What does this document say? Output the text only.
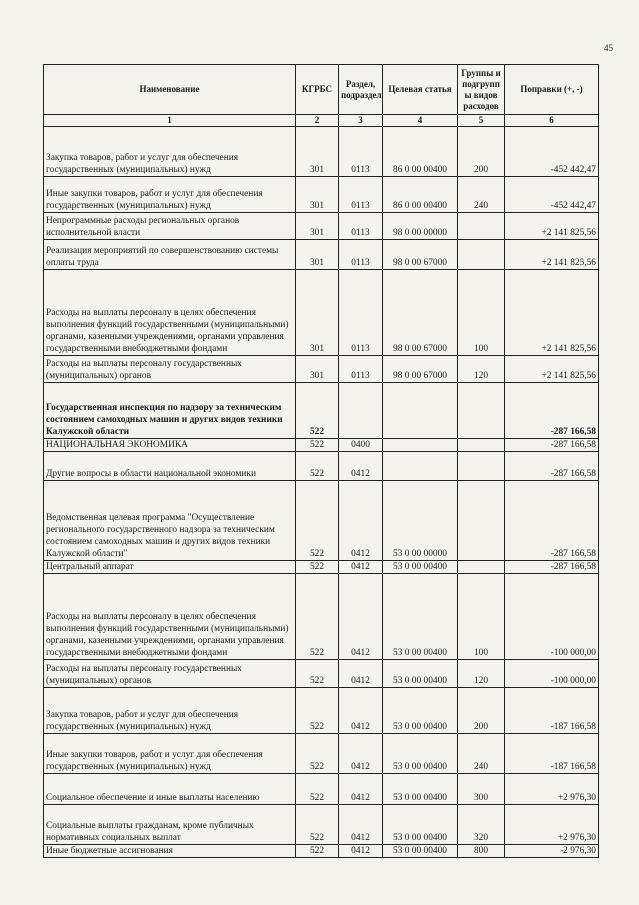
45
Наименование	КГРБС	Раздел, подраздел	Целевая статья	Группы и подгрупп ы видов расходов	Поправки (+, -)
1	2	3	4	5	6
Закупка товаров, работ и услуг для обеспечения государственных (муниципальных) нужд	301	0113	86 0 00 00400	200	-452 442,47
Иные закупки товаров, работ и услуг для обеспечения государственных (муниципальных) нужд	301	0113	86 0 00 00400	240	-452 442,47
Непрограммные расходы региональных органов исполнительной власти	301	0113	98 0 00 00000		+2 141 825,56
Реализация мероприятий по совершенствованию системы оплаты труда	301	0113	98 0 00 67000		+2 141 825,56
Расходы на выплаты персоналу в целях обеспечения выполнения функций государственными (муниципальными) органами, казенными учреждениями, органами управления государственными внебюджетными фондами	301	0113	98 0 00 67000	100	+2 141 825,56
Расходы на выплаты персоналу государственных (муниципальных) органов	301	0113	98 0 00 67000	120	+2 141 825,56
Государственная инспекция по надзору за техническим состоянием самоходных машин и других видов техники Калужской области	522				-287 166,58
НАЦИОНАЛЬНАЯ ЭКОНОМИКА	522	0400			-287 166,58
Другие вопросы в области национальной экономики	522	0412			-287 166,58
Ведомственная целевая программа "Осуществление регионального государственного надзора за техническим состоянием самоходных машин и других видов техники Калужской области"	522	0412	53 0 00 00000		-287 166,58
Центральный аппарат	522	0412	53 0 00 00400		-287 166,58
Расходы на выплаты персоналу в целях обеспечения выполнения функций государственными (муниципальными) органами, казенными учреждениями, органами управления государственными внебюджетными фондами	522	0412	53 0 00 00400	100	-100 000,00
Расходы на выплаты персоналу государственных (муниципальных) органов	522	0412	53 0 00 00400	120	-100 000,00
Закупка товаров, работ и услуг для обеспечения государственных (муниципальных) нужд	522	0412	53 0 00 00400	200	-187 166,58
Иные закупки товаров, работ и услуг для обеспечения государственных (муниципальных) нужд	522	0412	53 0 00 00400	240	-187 166,58
Социальное обеспечение и иные выплаты населению	522	0412	53 0 00 00400	300	+2 976,30
Социальные выплаты гражданам, кроме публичных нормативных социальных выплат	522	0412	53 0 00 00400	320	+2 976,30
Иные бюджетные ассигнования	522	0412	53 0 00 00400	800	-2 976,30
